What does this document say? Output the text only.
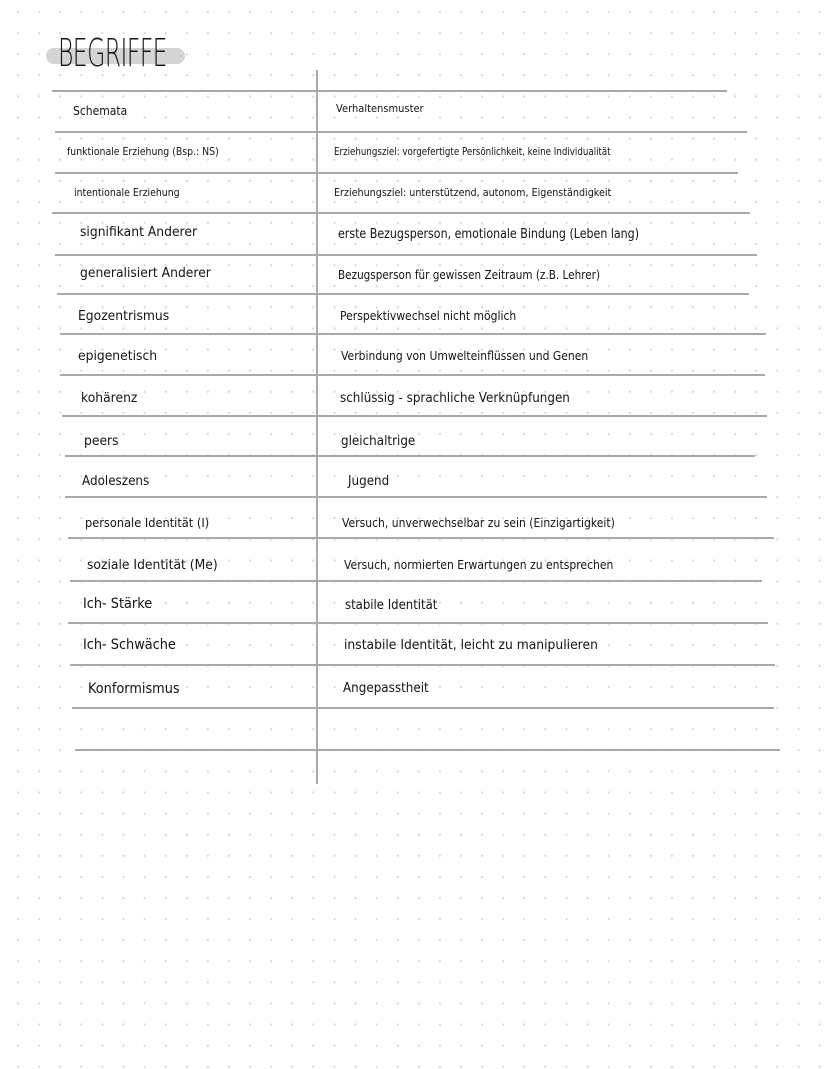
BEGRIFFE
Schemata	Verhaltensmuster
funktionale Erziehung (Bsp.: NS)	Erziehungsziel: vorgefertigte Persönlichkeit, keine Individualität
intentionale Erziehung	Erziehungsziel: unterstützend, autonom, Eigenständigkeit
signifikant Anderer	erste Bezugsperson, emotionale Bindung (Leben lang)
generalisiert Anderer	Bezugsperson für gewissen Zeitraum (z.B. Lehrer)
Egozentrismus	Perspektivwechsel nicht möglich
epigenetisch	Verbindung von Umwelteinflüssen und Genen
kohärenz	schlüssig - sprachliche Verknüpfungen
peers	gleichaltrige
Adoleszens	Jugend
personale Identität (I)	Versuch, unverwechselbar zu sein (Einzigartigkeit)
soziale Identität (Me)	Versuch, normierten Erwartungen zu entsprechen
Ich- Stärke	stabile Identität
Ich- Schwäche	instabile Identität, leicht zu manipulieren
Konformismus	Angepasstheit
